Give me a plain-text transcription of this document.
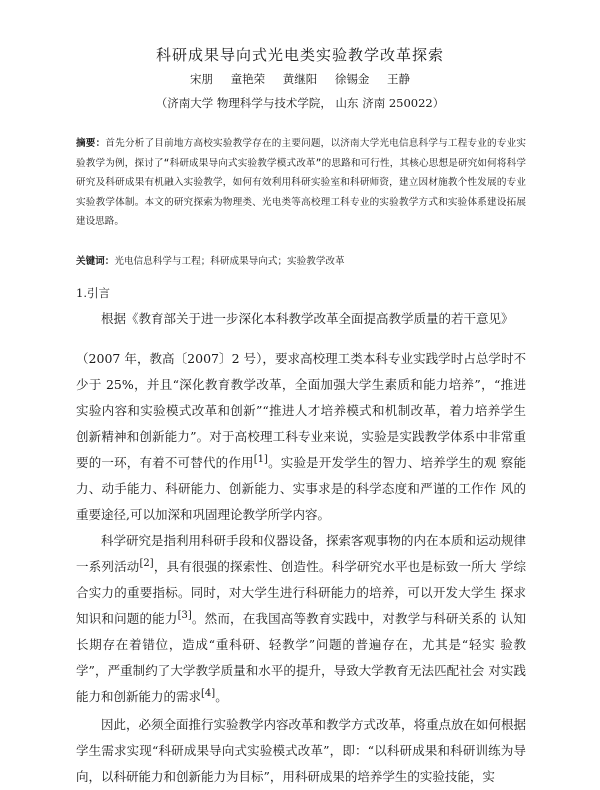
科研成果导向式光电类实验教学改革探索
宋朋 童艳荣 黄继阳 徐锡金 王静
（济南大学 物理科学与技术学院， 山东 济南 250022）
摘要：首先分析了目前地方高校实验教学存在的主要问题，以济南大学光电信息科学与工程专业的专业实验教学为例，探讨了“科研成果导向式实验教学模式改革”的思路和可行性，其核心思想是研究如何将科学研究及科研成果有机融入实验教学，如何有效利用科研实验室和科研师资，建立因材施教个性发展的专业实验教学体制。本文的研究探索为物理类、光电类等高校理工科专业的实验教学方式和实验体系建设拓展建设思路。
关键词：光电信息科学与工程；科研成果导向式；实验教学改革
1.引言
根据《教育部关于进一步深化本科教学改革全面提高教学质量的若干意见》
（2007 年，教高〔2007〕2 号），要求高校理工类本科专业实践学时占总学时不少于 25%，并且“深化教育教学改革，全面加强大学生素质和能力培养”，“推进实验内容和实验模式改革和创新”“推进人才培养模式和机制改革，着力培养学生创新精神和创新能力”。对于高校理工科专业来说，实验是实践教学体系中非常重要的一环，有着不可替代的作用[1]。实验是开发学生的智力、培养学生的观 察能力、动手能力、科研能力、创新能力、实事求是的科学态度和严谨的工作作 风的重要途径,可以加深和巩固理论教学所学内容。
科学研究是指利用科研手段和仪器设备，探索客观事物的内在本质和运动规律一系列活动[2]，具有很强的探索性、创造性。科学研究水平也是标致一所大 学综合实力的重要指标。同时，对大学生进行科研能力的培养，可以开发大学生 探求知识和问题的能力[3]。然而，在我国高等教育实践中，对教学与科研关系的 认知长期存在着错位，造成“重科研、轻教学”问题的普遍存在，尤其是“轻实 验教学”，严重制约了大学教学质量和水平的提升，导致大学教育无法匹配社会 对实践能力和创新能力的需求[4]。
因此，必须全面推行实验教学内容改革和教学方式改革，将重点放在如何根据学生需求实现“科研成果导向式实验模式改革”，即：“以科研成果和科研训练为导向，以科研能力和创新能力为目标”，用科研成果的培养学生的实验技能，实
